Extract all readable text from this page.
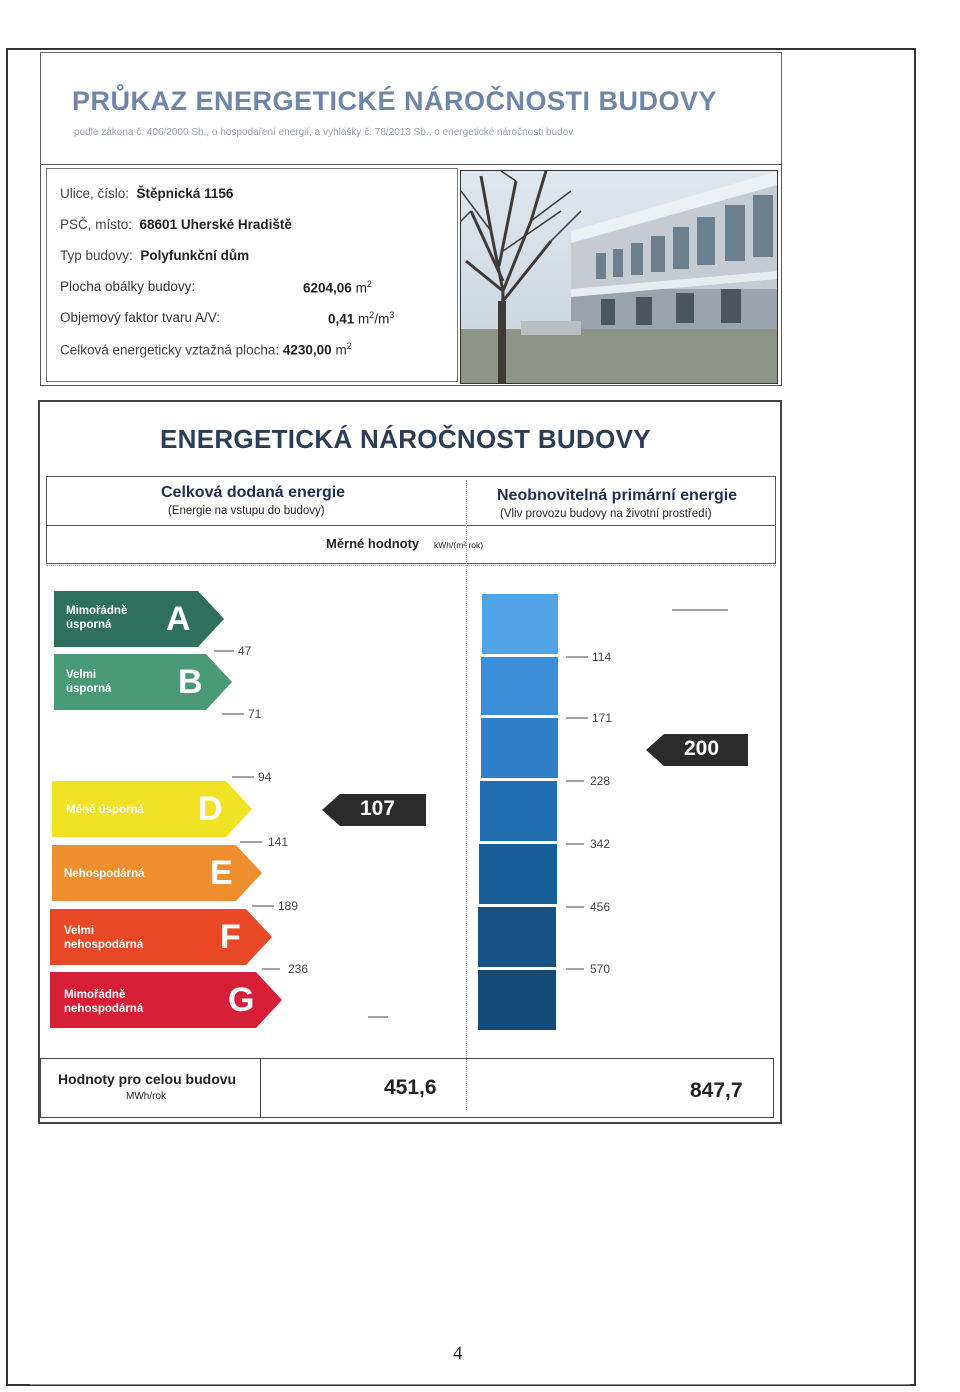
PRŮKAZ ENERGETICKÉ NÁROČNOSTI BUDOVY
podle zákona č. 406/2000 Sb., o hospodaření energií, a vyhlášky č. 78/2013 Sb., o energetické náročnosti budov
Ulice, číslo: Štěpnická 1156
PSČ, místo: 68601 Uherské Hradiště
Typ budovy: Polyfunkční dům
Plocha obálky budovy:	6204,06 $m^2$
Objemový faktor tvaru A/V:	0,41 $m^2/m^3$
Celková energeticky vztažná plocha: 4230,00 $m^2$
ENERGETICKÁ NÁROČNOST BUDOVY
Celková dodaná energie
(Energie na vstupu do budovy)
Neobnovitelná primární energie
(Vliv provozu budovy na životní prostředí)
Měrné hodnoty kWh/(m² rok)
Mimořádně
úsporná	A
Velmi
úsporná B
Méně úsporná D
Nehospodárná E
Velmi
nehospodárná F
Mimořádně
nehospodárná G
47
71
94
141
189
236
114
171
228
342
456
570
107
200
Hodnoty pro celou budovu
MWh/rok	451,6	847,7
4
